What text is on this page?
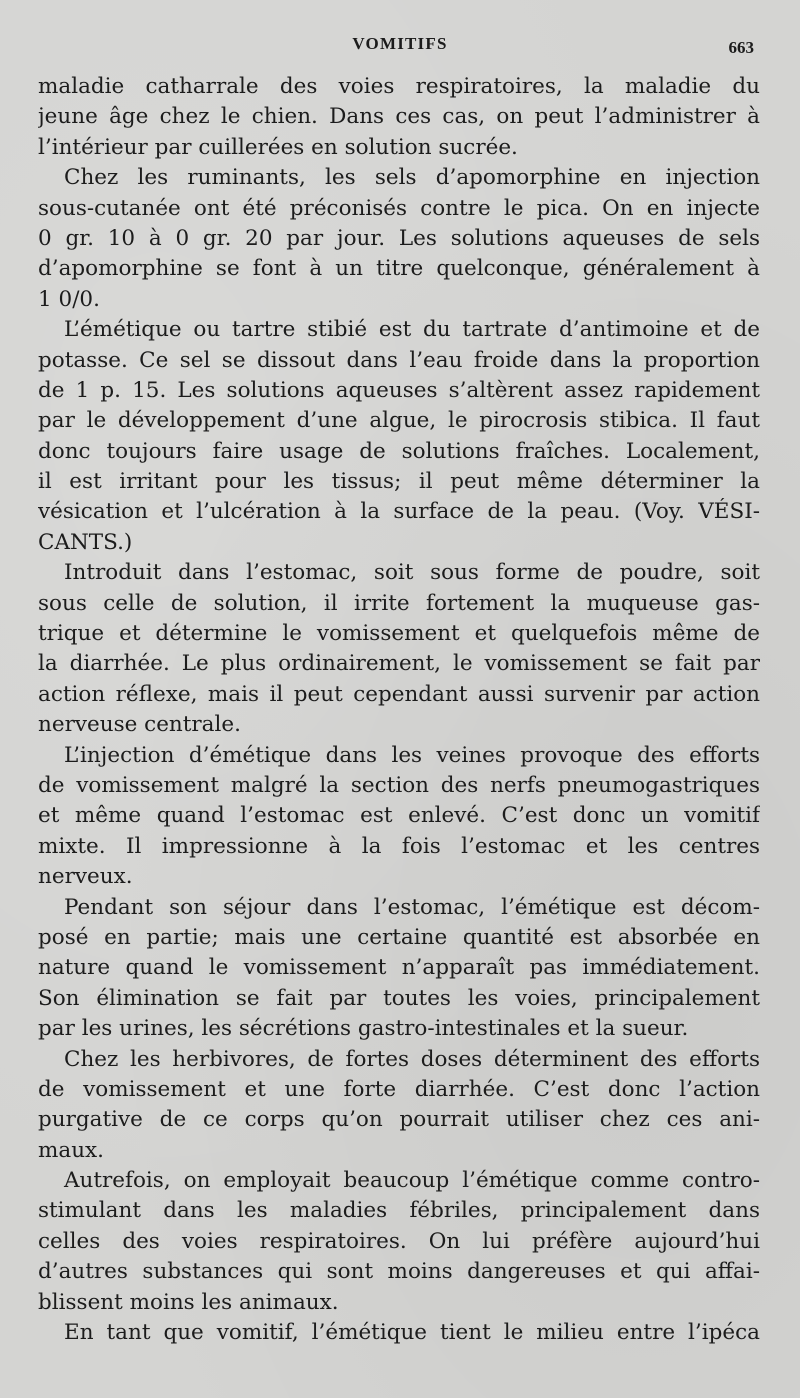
VOMITIFS	663
maladie catharrale des voies respiratoires, la maladie du
jeune âge chez le chien. Dans ces cas, on peut l’administrer à
l’intérieur par cuillerées en solution sucrée.
Chez les ruminants, les sels d’apomorphine en injection
sous-cutanée ont été préconisés contre le pica. On en injecte
0 gr. 10 à 0 gr. 20 par jour. Les solutions aqueuses de sels
d’apomorphine se font à un titre quelconque, généralement à
1 0/0.
L’émétique ou tartre stibié est du tartrate d’antimoine et de
potasse. Ce sel se dissout dans l’eau froide dans la proportion
de 1 p. 15. Les solutions aqueuses s’altèrent assez rapidement
par le développement d’une algue, le pirocrosis stibica. Il faut
donc toujours faire usage de solutions fraîches. Localement,
il est irritant pour les tissus; il peut même déterminer la
vésication et l’ulcération à la surface de la peau. (Voy. VÉSI-
CANTS.)
Introduit dans l’estomac, soit sous forme de poudre, soit
sous celle de solution, il irrite fortement la muqueuse gas-
trique et détermine le vomissement et quelquefois même de
la diarrhée. Le plus ordinairement, le vomissement se fait par
action réflexe, mais il peut cependant aussi survenir par action
nerveuse centrale.
L’injection d’émétique dans les veines provoque des efforts
de vomissement malgré la section des nerfs pneumogastriques
et même quand l’estomac est enlevé. C’est donc un vomitif
mixte. Il impressionne à la fois l’estomac et les centres
nerveux.
Pendant son séjour dans l’estomac, l’émétique est décom-
posé en partie; mais une certaine quantité est absorbée en
nature quand le vomissement n’apparaît pas immédiatement.
Son élimination se fait par toutes les voies, principalement
par les urines, les sécrétions gastro-intestinales et la sueur.
Chez les herbivores, de fortes doses déterminent des efforts
de vomissement et une forte diarrhée. C’est donc l’action
purgative de ce corps qu’on pourrait utiliser chez ces ani-
maux.
Autrefois, on employait beaucoup l’émétique comme contro-
stimulant dans les maladies fébriles, principalement dans
celles des voies respiratoires. On lui préfère aujourd’hui
d’autres substances qui sont moins dangereuses et qui affai-
blissent moins les animaux.
En tant que vomitif, l’émétique tient le milieu entre l’ipéca
